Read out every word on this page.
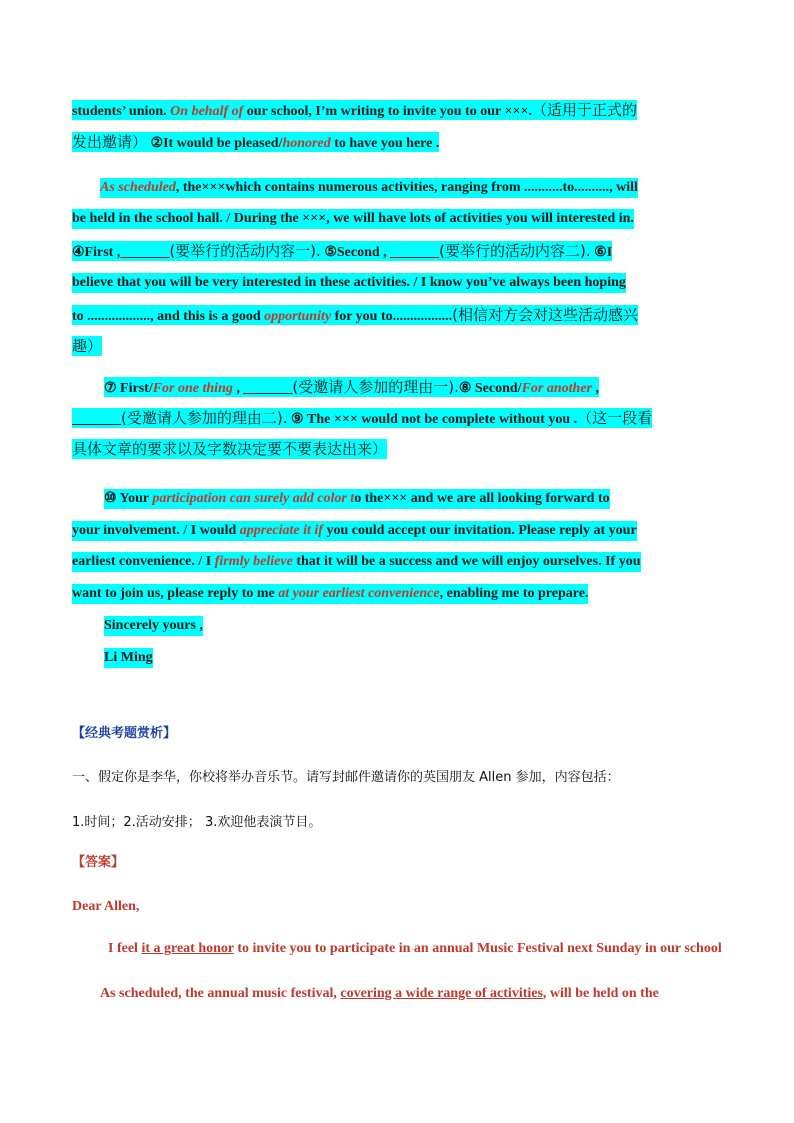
students’ union. On behalf of our school, I’m writing to invite you to our ×××.（适用于正式的
发出邀请） ②It would be pleased/honored to have you here .
As scheduled, the×××which contains numerous activities, ranging from ...........to.........., will
be held in the school hall. / During the ×××, we will have lots of activities you will interested in.
④First ,_______(要举行的活动内容一). ⑤Second , _______(要举行的活动内容二). ⑥I
believe that you will be very interested in these activities. / I know you’ve always been hoping
to .................., and this is a good opportunity for you to.................(相信对方会对这些活动感兴
趣）
⑦ First/For one thing , _______(受邀请人参加的理由一).⑧ Second/For another ,
_______(受邀请人参加的理由二). ⑨ The ××× would not be complete without you .（这一段看
具体文章的要求以及字数决定要不要表达出来）
⑩ Your participation can surely add color to the××× and we are all looking forward to
your involvement. / I would appreciate it if you could accept our invitation. Please reply at your
earliest convenience. / I firmly believe that it will be a success and we will enjoy ourselves. If you
want to join us, please reply to me at your earliest convenience, enabling me to prepare.
Sincerely yours ,
Li Ming
【经典考题赏析】
一、假定你是李华，你校将举办音乐节。请写封邮件邀请你的英国朋友 Allen 参加，内容包括：
1.时间；2.活动安排； 3.欢迎他表演节目。
【答案】
Dear Allen,
I feel it a great honor to invite you to participate in an annual Music Festival next Sunday in our school
As scheduled, the annual music festival, covering a wide range of activities, will be held on the
